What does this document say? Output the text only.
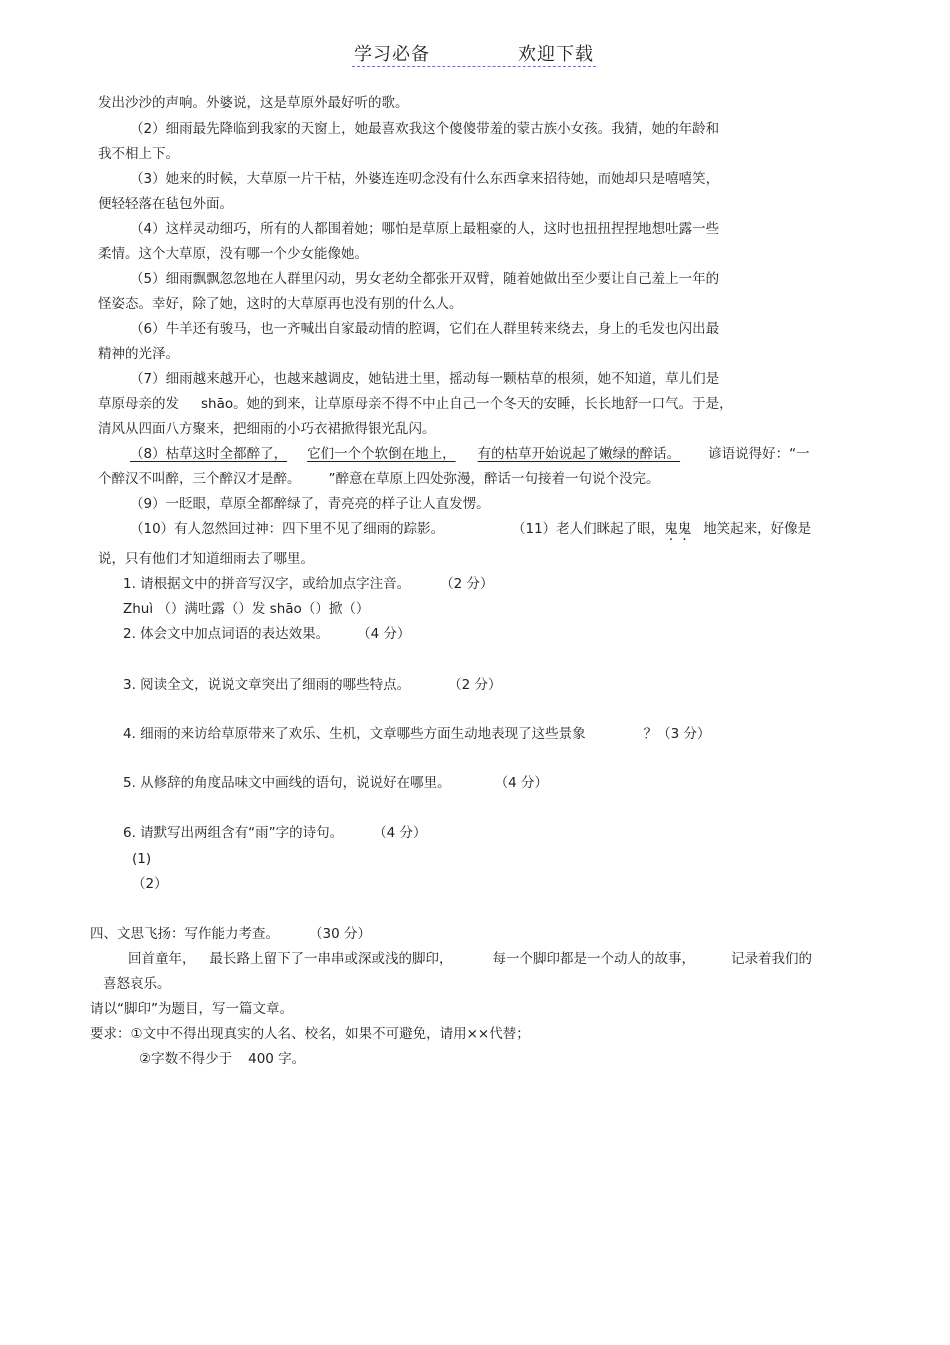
学习必备	欢迎下载
发出沙沙的声响。外婆说，这是草原外最好听的歌。
（2）细雨最先降临到我家的天窗上，她最喜欢我这个傻傻带羞的蒙古族小女孩。我猜，她的年龄和
我不相上下。
（3）她来的时候，大草原一片干枯，外婆连连叨念没有什么东西拿来招待她，而她却只是嘻嘻笑，
便轻轻落在毡包外面。
（4）这样灵动细巧，所有的人都围着她；哪怕是草原上最粗豪的人，这时也扭扭捏捏地想吐露一些
柔情。这个大草原，没有哪一个少女能像她。
（5）细雨飘飘忽忽地在人群里闪动，男女老幼全都张开双臂，随着她做出至少要让自己羞上一年的
怪姿态。幸好，除了她，这时的大草原再也没有别的什么人。
（6）牛羊还有骏马，也一齐喊出自家最动情的腔调，它们在人群里转来绕去，身上的毛发也闪出最
精神的光泽。
（7）细雨越来越开心，也越来越调皮，她钻进土里，摇动每一颗枯草的根须，她不知道，草儿们是
草原母亲的发 shāo。她的到来，让草原母亲不得不中止自己一个冬天的安睡，长长地舒一口气。于是，
清风从四面八方聚来，把细雨的小巧衣裙掀得银光乱闪。
（8）枯草这时全都醉了， 它们一个个软倒在地上， 有的枯草开始说起了嫩绿的醉话。 谚语说得好：“一
个醉汉不叫醉，三个醉汉才是醉。 ”醉意在草原上四处弥漫，醉话一句接着一句说个没完。
（9）一眨眼，草原全都醉绿了，青亮亮的样子让人直发愣。
（10）有人忽然回过神：四下里不见了细雨的踪影。	（11）老人们眯起了眼，鬼鬼 地笑起来，好像是
说，只有他们才知道细雨去了哪里。
1. 请根据文中的拼音写汉字，或给加点字注音。 （2 分）
Zhuì （）满吐露（）发 shāo（）掀（）
2. 体会文中加点词语的表达效果。 （4 分）
3. 阅读全文，说说文章突出了细雨的哪些特点。	（2 分）
4. 细雨的来访给草原带来了欢乐、生机，文章哪些方面生动地表现了这些景象	？（3 分）
5. 从修辞的角度品味文中画线的语句，说说好在哪里。	（4 分）
6. 请默写出两组含有“雨”字的诗句。 （4 分）
(1)
（2）
四、文思飞扬：写作能力考查。 （30 分）
回首童年， 最长路上留下了一串串或深或浅的脚印，	每一个脚印都是一个动人的故事，	记录着我们的
喜怒哀乐。
请以“脚印”为题目，写一篇文章。
要求：①文中不得出现真实的人名、校名，如果不可避免，请用××代替；
②字数不得少于 400 字。
